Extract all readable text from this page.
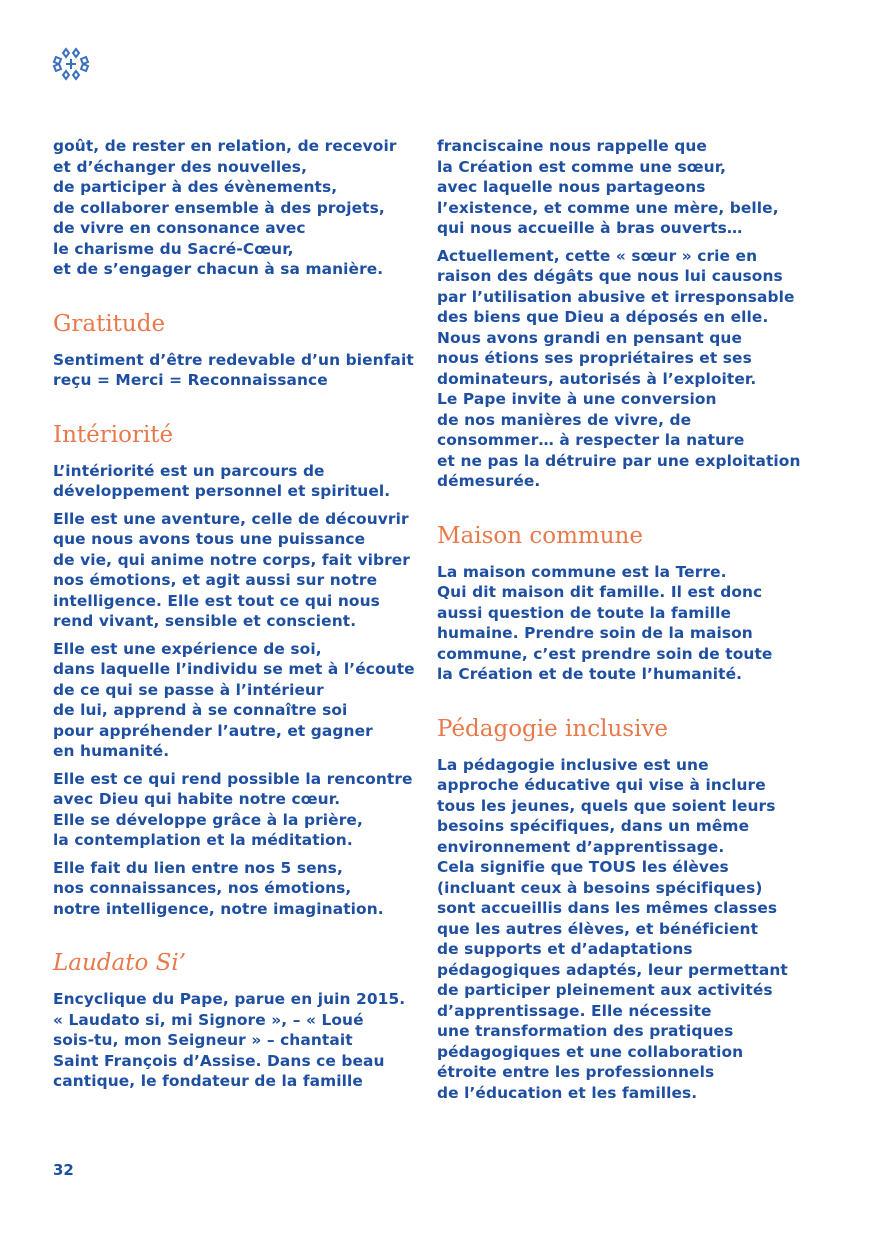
goût, de rester en relation, de recevoir
et d’échanger des nouvelles,
de participer à des évènements,
de collaborer ensemble à des projets,
de vivre en consonance avec
le charisme du Sacré-Cœur,
et de s’engager chacun à sa manière.
Gratitude
Sentiment d’être redevable d’un bienfait
reçu = Merci = Reconnaissance
Intériorité
L’intériorité est un parcours de
développement personnel et spirituel.
Elle est une aventure, celle de découvrir
que nous avons tous une puissance
de vie, qui anime notre corps, fait vibrer
nos émotions, et agit aussi sur notre
intelligence. Elle est tout ce qui nous
rend vivant, sensible et conscient.
Elle est une expérience de soi,
dans laquelle l’individu se met à l’écoute
de ce qui se passe à l’intérieur
de lui, apprend à se connaître soi
pour appréhender l’autre, et gagner
en humanité.
Elle est ce qui rend possible la rencontre
avec Dieu qui habite notre cœur.
Elle se développe grâce à la prière,
la contemplation et la méditation.
Elle fait du lien entre nos 5 sens,
nos connaissances, nos émotions,
notre intelligence, notre imagination.
Laudato Si’
Encyclique du Pape, parue en juin 2015.
« Laudato si, mi Signore », – « Loué
sois-tu, mon Seigneur » – chantait
Saint François d’Assise. Dans ce beau
cantique, le fondateur de la famille
franciscaine nous rappelle que
la Création est comme une sœur,
avec laquelle nous partageons
l’existence, et comme une mère, belle,
qui nous accueille à bras ouverts…
Actuellement, cette « sœur » crie en
raison des dégâts que nous lui causons
par l’utilisation abusive et irresponsable
des biens que Dieu a déposés en elle.
Nous avons grandi en pensant que
nous étions ses propriétaires et ses
dominateurs, autorisés à l’exploiter.
Le Pape invite à une conversion
de nos manières de vivre, de
consommer… à respecter la nature
et ne pas la détruire par une exploitation
démesurée.
Maison commune
La maison commune est la Terre.
Qui dit maison dit famille. Il est donc
aussi question de toute la famille
humaine. Prendre soin de la maison
commune, c’est prendre soin de toute
la Création et de toute l’humanité.
Pédagogie inclusive
La pédagogie inclusive est une
approche éducative qui vise à inclure
tous les jeunes, quels que soient leurs
besoins spécifiques, dans un même
environnement d’apprentissage.
Cela signifie que TOUS les élèves
(incluant ceux à besoins spécifiques)
sont accueillis dans les mêmes classes
que les autres élèves, et bénéficient
de supports et d’adaptations
pédagogiques adaptés, leur permettant
de participer pleinement aux activités
d’apprentissage. Elle nécessite
une transformation des pratiques
pédagogiques et une collaboration
étroite entre les professionnels
de l’éducation et les familles.
32
